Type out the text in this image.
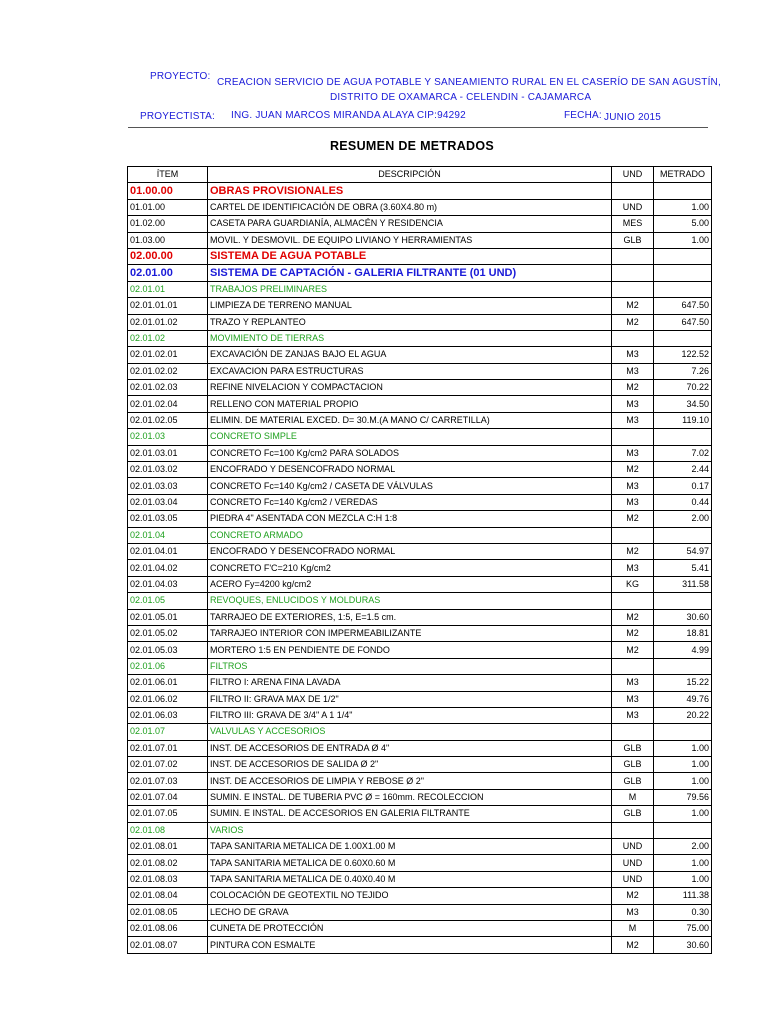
PROYECTO:
CREACION SERVICIO DE AGUA POTABLE Y SANEAMIENTO RURAL EN EL CASERÍO DE SAN AGUSTÍN,
DISTRITO DE OXAMARCA - CELENDIN - CAJAMARCA
PROYECTISTA: ING. JUAN MARCOS MIRANDA ALAYA CIP:94292	FECHA: JUNIO 2015
RESUMEN DE METRADOS
ÍTEM	DESCRIPCIÓN	UND	METRADO
01.00.00	OBRAS PROVISIONALES		
01.01.00	CARTEL DE IDENTIFICACIÓN DE OBRA (3.60X4.80 m)	UND	1.00
01.02.00	CASETA PARA GUARDIANÍA, ALMACÉN Y RESIDENCIA	MES	5.00
01.03.00	MOVIL. Y DESMOVIL. DE EQUIPO LIVIANO Y HERRAMIENTAS	GLB	1.00
02.00.00	SISTEMA DE AGUA POTABLE		
02.01.00	SISTEMA DE CAPTACIÓN - GALERIA FILTRANTE (01 UND)		
02.01.01	TRABAJOS PRELIMINARES		
02.01.01.01	LIMPIEZA DE TERRENO MANUAL	M2	647.50
02.01.01.02	TRAZO Y REPLANTEO	M2	647.50
02.01.02	MOVIMIENTO DE TIERRAS		
02.01.02.01	EXCAVACIÓN DE ZANJAS BAJO EL AGUA	M3	122.52
02.01.02.02	EXCAVACION PARA ESTRUCTURAS	M3	7.26
02.01.02.03	REFINE NIVELACION Y COMPACTACION	M2	70.22
02.01.02.04	RELLENO CON MATERIAL PROPIO	M3	34.50
02.01.02.05	ELIMIN. DE MATERIAL EXCED. D= 30.M.(A MANO C/ CARRETILLA)	M3	119.10
02.01.03	CONCRETO SIMPLE		
02.01.03.01	CONCRETO Fc=100 Kg/cm2 PARA SOLADOS	M3	7.02
02.01.03.02	ENCOFRADO Y DESENCOFRADO NORMAL	M2	2.44
02.01.03.03	CONCRETO Fc=140 Kg/cm2 / CASETA DE VÁLVULAS	M3	0.17
02.01.03.04	CONCRETO Fc=140 Kg/cm2 / VEREDAS	M3	0.44
02.01.03.05	PIEDRA 4" ASENTADA CON MEZCLA C:H 1:8	M2	2.00
02.01.04	CONCRETO ARMADO		
02.01.04.01	ENCOFRADO Y DESENCOFRADO NORMAL	M2	54.97
02.01.04.02	CONCRETO F'C=210 Kg/cm2	M3	5.41
02.01.04.03	ACERO Fy=4200 kg/cm2	KG	311.58
02.01.05	REVOQUES, ENLUCIDOS Y MOLDURAS		
02.01.05.01	TARRAJEO DE EXTERIORES, 1:5, E=1.5 cm.	M2	30.60
02.01.05.02	TARRAJEO INTERIOR CON IMPERMEABILIZANTE	M2	18.81
02.01.05.03	MORTERO 1:5 EN PENDIENTE DE FONDO	M2	4.99
02.01.06	FILTROS		
02.01.06.01	FILTRO I: ARENA FINA LAVADA	M3	15.22
02.01.06.02	FILTRO II: GRAVA MAX DE 1/2"	M3	49.76
02.01.06.03	FILTRO III: GRAVA DE 3/4" A 1 1/4"	M3	20.22
02.01.07	VALVULAS Y ACCESORIOS		
02.01.07.01	INST. DE ACCESORIOS DE ENTRADA Ø 4"	GLB	1.00
02.01.07.02	INST. DE ACCESORIOS DE SALIDA Ø 2"	GLB	1.00
02.01.07.03	INST. DE ACCESORIOS DE LIMPIA Y REBOSE Ø 2"	GLB	1.00
02.01.07.04	SUMIN. E INSTAL. DE TUBERIA PVC Ø = 160mm. RECOLECCION	M	79.56
02.01.07.05	SUMIN. E INSTAL. DE ACCESORIOS EN GALERIA FILTRANTE	GLB	1.00
02.01.08	VARIOS		
02.01.08.01	TAPA SANITARIA METALICA DE 1.00X1.00 M	UND	2.00
02.01.08.02	TAPA SANITARIA METALICA DE 0.60X0.60 M	UND	1.00
02.01.08.03	TAPA SANITARIA METALICA DE 0.40X0.40 M	UND	1.00
02.01.08.04	COLOCACIÓN DE GEOTEXTIL NO TEJIDO	M2	111.38
02.01.08.05	LECHO DE GRAVA	M3	0.30
02.01.08.06	CUNETA DE PROTECCIÓN	M	75.00
02.01.08.07	PINTURA CON ESMALTE	M2	30.60
